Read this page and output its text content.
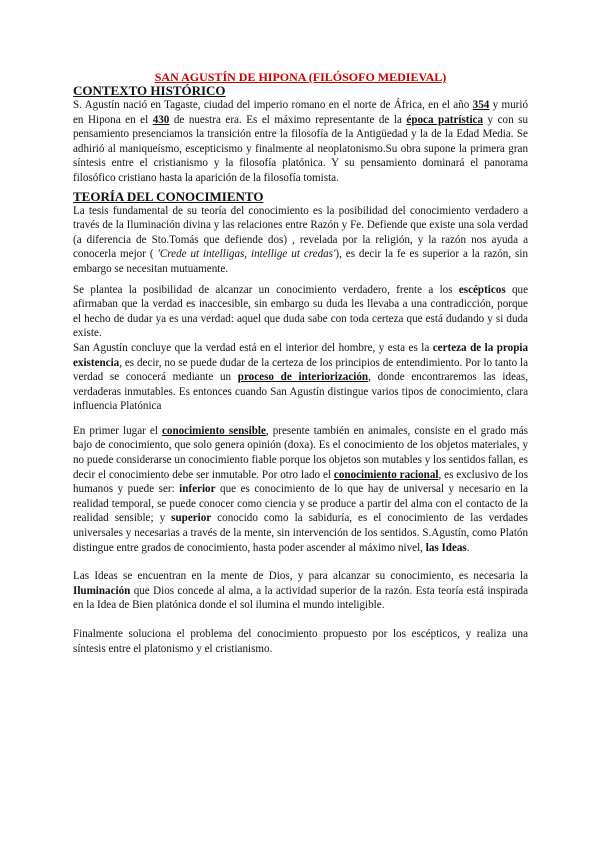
SAN AGUSTÍN DE HIPONA (FILÓSOFO MEDIEVAL)
CONTEXTO HISTÓRICO

S. Agustín nació en Tagaste, ciudad del imperio romano en el norte de África, en el año 354 y murió en Hipona en el 430 de nuestra era. Es el máximo representante de la época patrística y con su pensamiento presenciamos la transición entre la filosofía de la Antigüedad y la de la Edad Media. Se adhirió al maniqueísmo, escepticismo y finalmente al neoplatonismo.Su obra supone la primera gran síntesis entre el cristianismo y la filosofía platónica. Y su pensamiento dominará el panorama filosófico cristiano hasta la aparición de la filosofía tomista.

TEORÍA DEL CONOCIMIENTO

La tesis fundamental de su teoría del conocimiento es la posibilidad del conocimiento verdadero a través de la Iluminación divina y las relaciones entre Razón y Fe. Defiende que existe una sola verdad (a diferencia de Sto.Tomás que defiende dos) , revelada por la religión, y la razón nos ayuda a conocerla mejor ( 'Crede ut intelligas, intellige ut credas'), es decir la fe es superior a la razón, sin embargo se necesitan mutuamente.

Se plantea la posibilidad de alcanzar un conocimiento verdadero, frente a los escépticos que afirmaban que la verdad es inaccesible, sin embargo su duda les llevaba a una contradicción, porque el hecho de dudar ya es una verdad: aquel que duda sabe con toda certeza que está dudando y si duda existe.

San Agustín concluye que la verdad está en el interior del hombre, y esta es la certeza de la propia existencia, es decir, no se puede dudar de la certeza de los principios de entendimiento. Por lo tanto la verdad se conocerá mediante un proceso de interiorización, donde encontraremos las ideas, verdaderas inmutables. Es entonces cuando San Agustín distingue varios tipos de conocimiento, clara influencia Platónica

En primer lugar el conocimiento sensible, presente también en animales, consiste en el grado más bajo de conocimiento, que solo genera opinión (doxa). Es el conocimiento de los objetos materiales, y no puede considerarse un conocimiento fiable porque los objetos son mutables y los sentidos fallan, es decir el conocimiento debe ser inmutable. Por otro lado el conocimiento racional, es exclusivo de los humanos y puede ser: inferior que es conocimiento de lo que hay de universal y necesario en la realidad temporal, se puede conocer como ciencia y se produce a partir del alma con el contacto de la realidad sensible; y superior conocido como la sabiduría, es el conocimiento de las verdades universales y necesarias a través de la mente, sin intervención de los sentidos. S.Agustín, como Platón distingue entre grados de conocimiento, hasta poder ascender al máximo nivel, las Ideas.

Las Ideas se encuentran en la mente de Dios, y para alcanzar su conocimiento, es necesaria la Iluminación que Dios concede al alma, a la actividad superior de la razón. Esta teoría está inspirada en la Idea de Bien platónica donde el sol ilumina el mundo inteligible.

Finalmente soluciona el problema del conocimiento propuesto por los escépticos, y realiza una síntesis entre el platonismo y el cristianismo.
